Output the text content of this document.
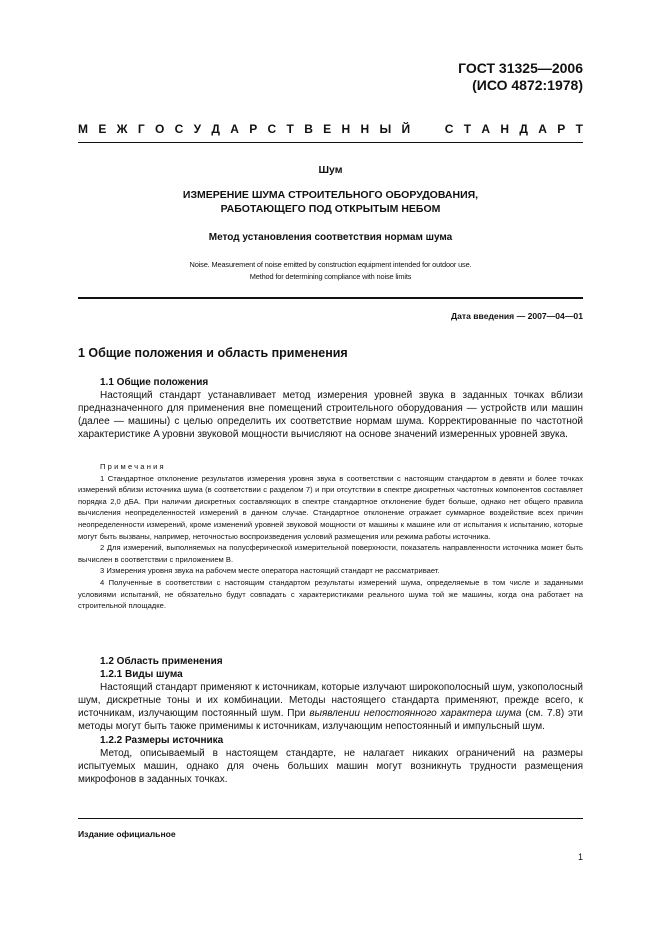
ГОСТ 31325—2006
(ИСО 4872:1978)
М Е Ж Г О С У Д А Р С Т В Е Н Н Ы Й	С Т А Н Д А Р Т
Шум
ИЗМЕРЕНИЕ ШУМА СТРОИТЕЛЬНОГО ОБОРУДОВАНИЯ,
РАБОТАЮЩЕГО ПОД ОТКРЫТЫМ НЕБОМ
Метод установления соответствия нормам шума
Noise. Measurement of noise emitted by construction equipment intended for outdoor use.
Method for determining compliance with noise limits
Дата введения — 2007—04—01
1 Общие положения и область применения

1.1 Общие положения

Настоящий стандарт устанавливает метод измерения уровней звука в заданных точках вблизи предназначенного для применения вне помещений строительного оборудования — устройств или машин (далее — машины) с целью определить их соответствие нормам шума. Корректированные по частотной характеристике A уровни звуковой мощности вычисляют на основе значений измеренных уровней звука.

Примечания

1 Стандартное отклонение результатов измерения уровня звука в соответствии с настоящим стандартом в девяти и более точках измерений вблизи источника шума (в соответствии с разделом 7) и при отсутствии в спектре дискретных частотных компонентов составляет порядка 2,0 дБA. При наличии дискретных составляющих в спектре стандартное отклонение будет больше, однако нет общего правила вычисления неопределенностей измерений в данном случае. Стандартное отклонение отражает суммарное воздействие всех причин неопределенности измерений, кроме изменений уровней звуковой мощности от машины к машине или от испытания к испытанию, которые могут быть вызваны, например, неточностью воспроизведения условий размещения или режима работы источника.

2 Для измерений, выполняемых на полусферической измерительной поверхности, показатель направленности источника может быть вычислен в соответствии с приложением В.

3 Измерения уровня звука на рабочем месте оператора настоящий стандарт не рассматривает.

4 Полученные в соответствии с настоящим стандартом результаты измерений шума, определяемые в том числе и заданными условиями испытаний, не обязательно будут совпадать с характеристиками реального шума той же машины, когда она работает на строительной площадке.

1.2 Область применения

1.2.1 Виды шума

Настоящий стандарт применяют к источникам, которые излучают широкополосный шум, узкополосный шум, дискретные тоны и их комбинации. Методы настоящего стандарта применяют, прежде всего, к источникам, излучающим постоянный шум. При выявлении непостоянного характера шума (см. 7.8) эти методы могут быть также применимы к источникам, излучающим непостоянный и импульсный шум.

1.2.2 Размеры источника

Метод, описываемый в настоящем стандарте, не налагает никаких ограничений на размеры испытуемых машин, однако для очень больших машин могут возникнуть трудности размещения микрофонов в заданных точках.

Издание официальное
1
